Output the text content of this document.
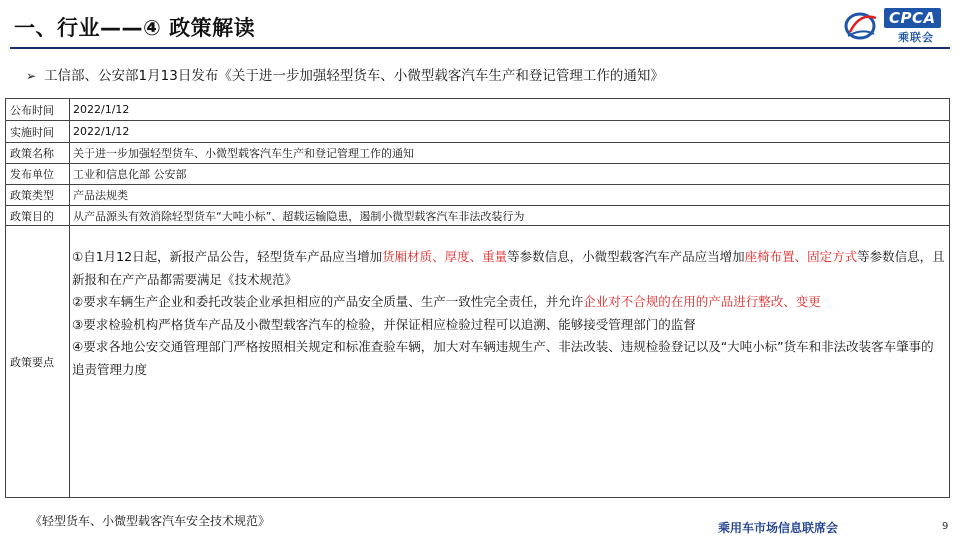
一、行业——④ 政策解读	CPCA
乘联会
➢ 工信部、公安部1月13日发布《关于进一步加强轻型货车、小微型载客汽车生产和登记管理工作的通知》
公布时间	2022/1/12
实施时间	2022/1/12
政策名称	关于进一步加强轻型货车、小微型载客汽车生产和登记管理工作的通知
发布单位	工业和信息化部 公安部
政策类型	产品法规类
政策目的	从产品源头有效消除轻型货车“大吨小标”、超载运输隐患，遏制小微型载客汽车非法改装行为
政策要点	①自1月12日起，新报产品公告，轻型货车产品应当增加货厢材质、厚度、重量等参数信息，小微型载客汽车产品应当增加座椅布置、固定方式等参数信息，且新报和在产产品都需要满足《技术规范》
②要求车辆生产企业和委托改装企业承担相应的产品安全质量、生产一致性完全责任，并允许企业对不合规的在用的产品进行整改、变更
③要求检验机构严格货车产品及小微型载客汽车的检验，并保证相应检验过程可以追溯、能够接受管理部门的监督
④要求各地公安交通管理部门严格按照相关规定和标准查验车辆，加大对车辆违规生产、非法改装、违规检验登记以及“大吨小标”货车和非法改装客车肇事的追责管理力度
《轻型货车、小微型载客汽车安全技术规范》	乘用车市场信息联席会	9
